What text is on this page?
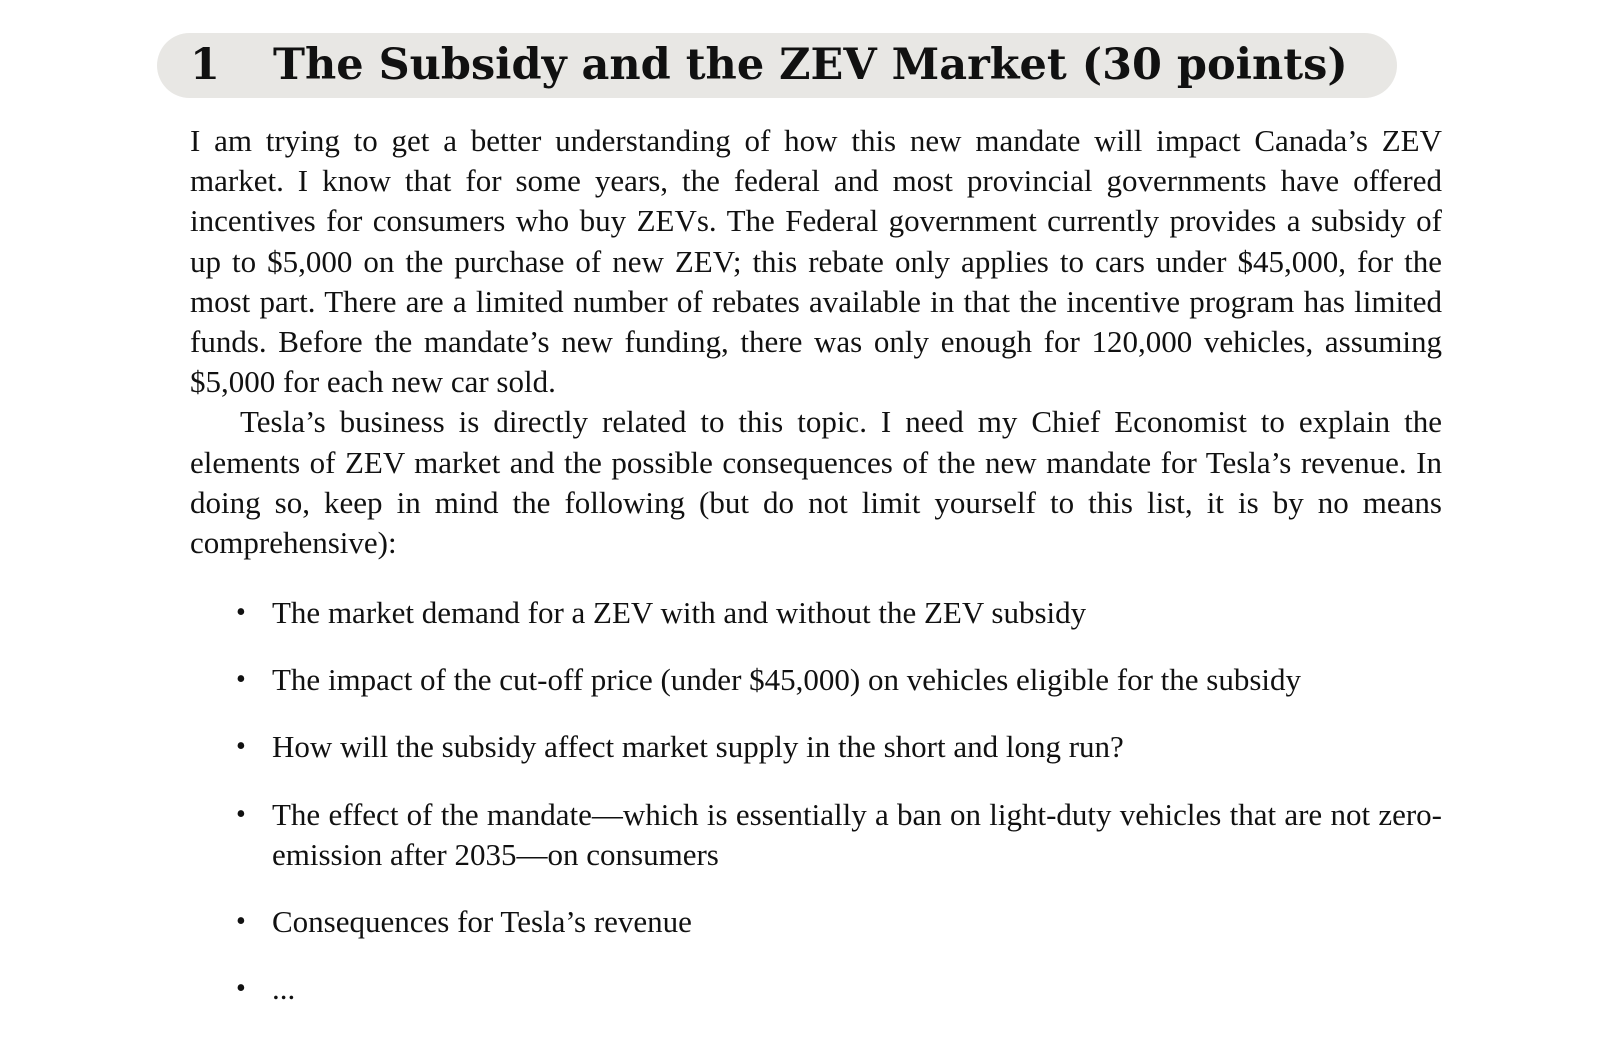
1	The Subsidy and the ZEV Market (30 points)

I am trying to get a better understanding of how this new mandate will impact Canada’s ZEV market. I know that for some years, the federal and most provincial governments have offered incentives for consumers who buy ZEVs. The Federal government currently provides a subsidy of up to $5,000 on the purchase of new ZEV; this rebate only applies to cars under $45,000, for the most part. There are a limited number of rebates available in that the incentive program has limited funds. Before the mandate’s new funding, there was only enough for 120,000 vehicles, assuming $5,000 for each new car sold.

Tesla’s business is directly related to this topic. I need my Chief Economist to explain the elements of ZEV market and the possible consequences of the new mandate for Tesla’s revenue. In doing so, keep in mind the following (but do not limit yourself to this list, it is by no means comprehensive):

• The market demand for a ZEV with and without the ZEV subsidy
• The impact of the cut-off price (under $45,000) on vehicles eligible for the subsidy
• How will the subsidy affect market supply in the short and long run?
• The effect of the mandate—which is essentially a ban on light-duty vehicles that are not zero-emission after 2035—on consumers
• Consequences for Tesla’s revenue
• ...
